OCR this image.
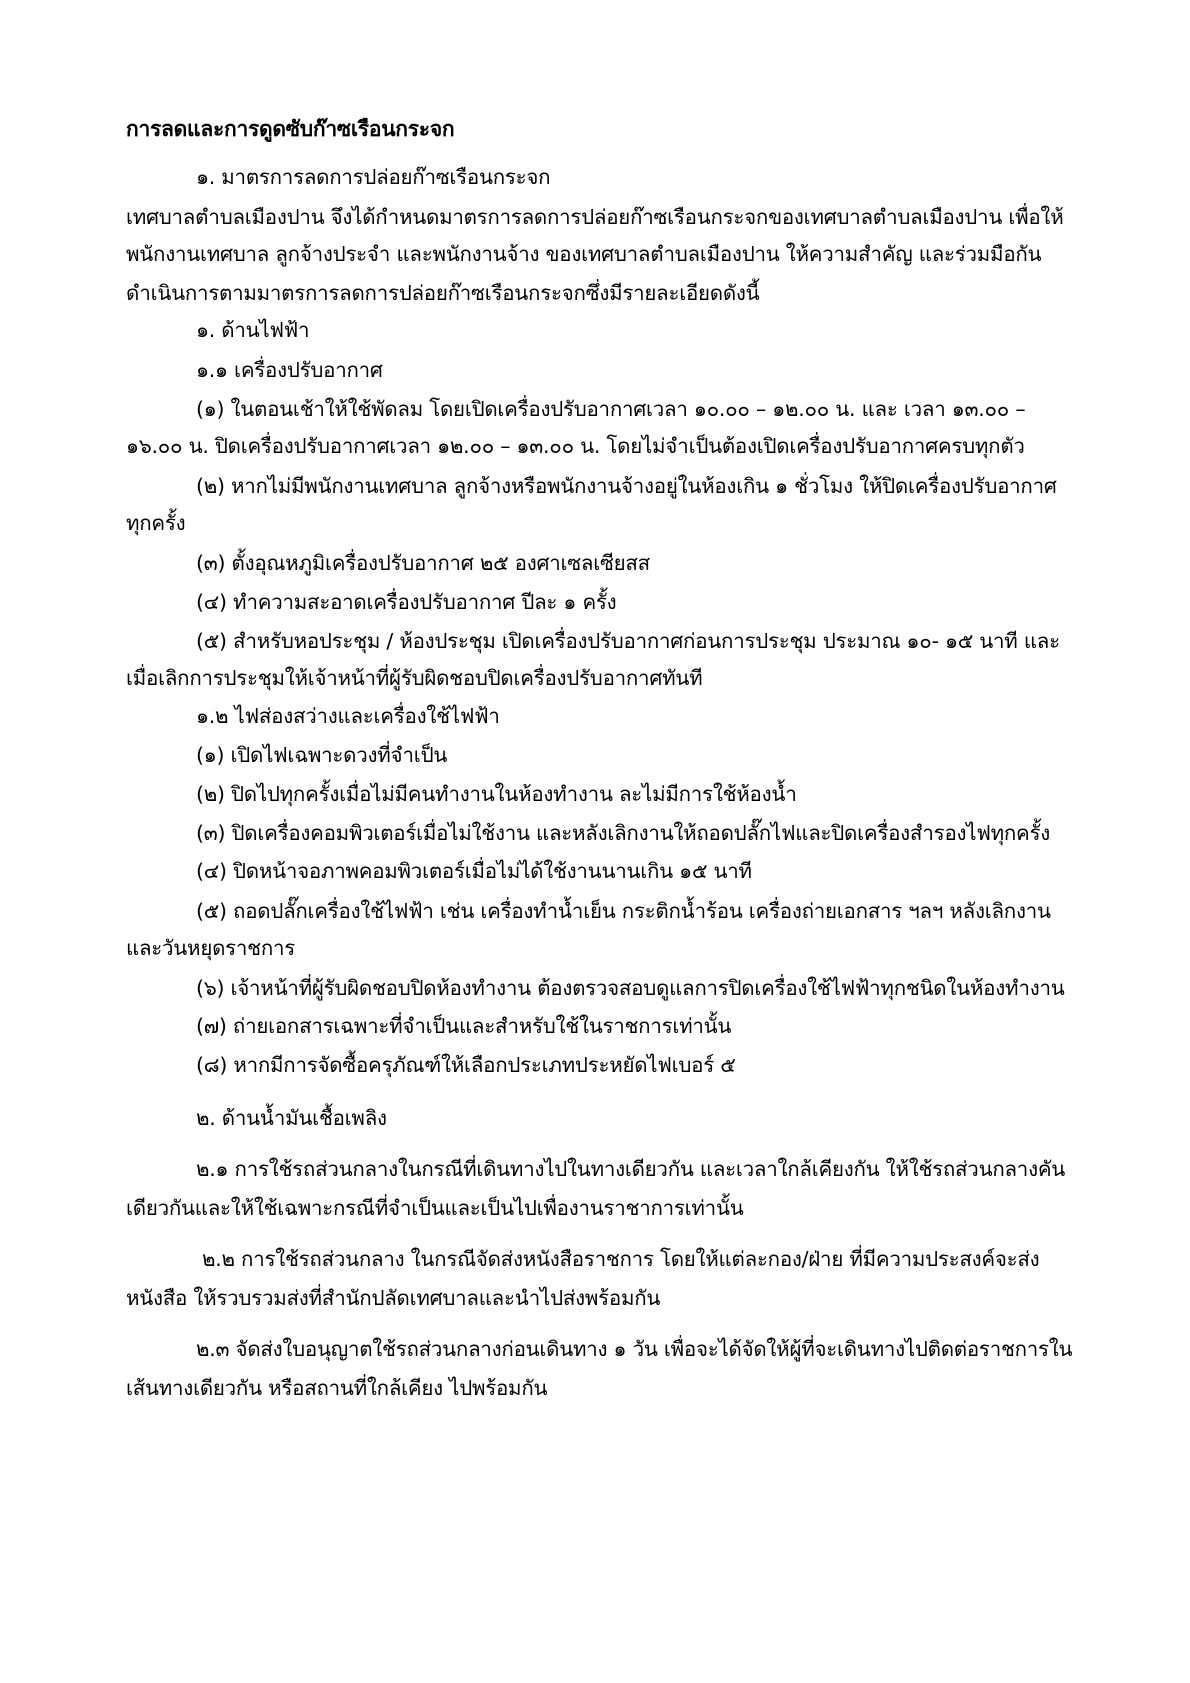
การลดและการดูดซับก๊าซเรือนกระจก
๑. มาตรการลดการปล่อยก๊าซเรือนกระจก
เทศบาลตำบลเมืองปาน จึงได้กำหนดมาตรการลดการปล่อยก๊าซเรือนกระจกของเทศบาลตำบลเมืองปาน เพื่อให้
พนักงานเทศบาล ลูกจ้างประจำ และพนักงานจ้าง ของเทศบาลตำบลเมืองปาน ให้ความสำคัญ และร่วมมือกัน
ดำเนินการตามมาตรการลดการปล่อยก๊าซเรือนกระจกซึ่งมีรายละเอียดดังนี้
๑. ด้านไฟฟ้า
๑.๑ เครื่องปรับอากาศ
(๑) ในตอนเช้าให้ใช้พัดลม โดยเปิดเครื่องปรับอากาศเวลา ๑๐.๐๐ – ๑๒.๐๐ น. และ เวลา ๑๓.๐๐ –
๑๖.๐๐ น. ปิดเครื่องปรับอากาศเวลา ๑๒.๐๐ – ๑๓.๐๐ น. โดยไม่จำเป็นต้องเปิดเครื่องปรับอากาศครบทุกตัว
(๒) หากไม่มีพนักงานเทศบาล ลูกจ้างหรือพนักงานจ้างอยู่ในห้องเกิน ๑ ชั่วโมง ให้ปิดเครื่องปรับอากาศ
ทุกครั้ง
(๓) ตั้งอุณหภูมิเครื่องปรับอากาศ ๒๕ องศาเซลเซียสส
(๔) ทำความสะอาดเครื่องปรับอากาศ ปีละ ๑ ครั้ง
(๕) สำหรับหอประชุม / ห้องประชุม เปิดเครื่องปรับอากาศก่อนการประชุม ประมาณ ๑๐- ๑๕ นาที และ
เมื่อเลิกการประชุมให้เจ้าหน้าที่ผู้รับผิดชอบปิดเครื่องปรับอากาศทันที
๑.๒ ไฟส่องสว่างและเครื่องใช้ไฟฟ้า
(๑) เปิดไฟเฉพาะดวงที่จำเป็น
(๒) ปิดไปทุกครั้งเมื่อไม่มีคนทำงานในห้องทำงาน ละไม่มีการใช้ห้องน้ำ
(๓) ปิดเครื่องคอมพิวเตอร์เมื่อไม่ใช้งาน และหลังเลิกงานให้ถอดปลั๊กไฟและปิดเครื่องสำรองไฟทุกครั้ง
(๔) ปิดหน้าจอภาพคอมพิวเตอร์เมื่อไม่ได้ใช้งานนานเกิน ๑๕ นาที
(๕) ถอดปลั๊กเครื่องใช้ไฟฟ้า เช่น เครื่องทำน้ำเย็น กระติกน้ำร้อน เครื่องถ่ายเอกสาร ฯลฯ หลังเลิกงาน
และวันหยุดราชการ
(๖) เจ้าหน้าที่ผู้รับผิดชอบปิดห้องทำงาน ต้องตรวจสอบดูแลการปิดเครื่องใช้ไฟฟ้าทุกชนิดในห้องทำงาน
(๗) ถ่ายเอกสารเฉพาะที่จำเป็นและสำหรับใช้ในราชการเท่านั้น
(๘) หากมีการจัดซื้อครุภัณฑ์ให้เลือกประเภทประหยัดไฟเบอร์ ๕
๒. ด้านน้ำมันเชื้อเพลิง
๒.๑ การใช้รถส่วนกลางในกรณีที่เดินทางไปในทางเดียวกัน และเวลาใกล้เคียงกัน ให้ใช้รถส่วนกลางคัน
เดียวกันและให้ใช้เฉพาะกรณีที่จำเป็นและเป็นไปเพื่องานราชาการเท่านั้น
๒.๒ การใช้รถส่วนกลาง ในกรณีจัดส่งหนังสือราชการ โดยให้แต่ละกอง/ฝ่าย ที่มีความประสงค์จะส่ง
หนังสือ ให้รวบรวมส่งที่สำนักปลัดเทศบาลและนำไปส่งพร้อมกัน
๒.๓ จัดส่งใบอนุญาตใช้รถส่วนกลางก่อนเดินทาง ๑ วัน เพื่อจะได้จัดให้ผู้ที่จะเดินทางไปติดต่อราชการใน
เส้นทางเดียวกัน หรือสถานที่ใกล้เคียง ไปพร้อมกัน
